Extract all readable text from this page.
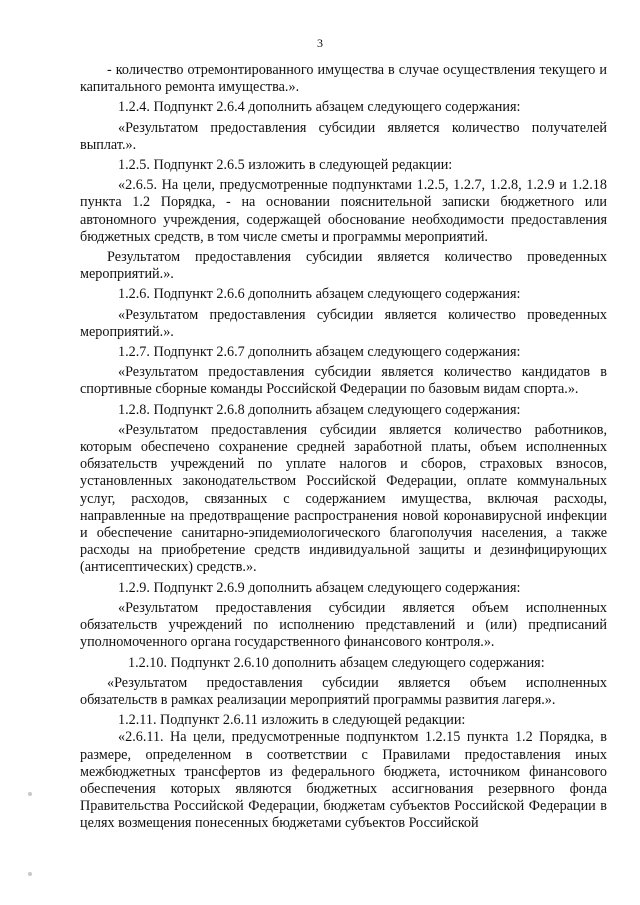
3

- количество отремонтированного имущества в случае осуществления текущего и капитального ремонта имущества.».

1.2.4. Подпункт 2.6.4 дополнить абзацем следующего содержания:

«Результатом предоставления субсидии является количество получателей выплат.».

1.2.5. Подпункт 2.6.5 изложить в следующей редакции:

«2.6.5. На цели, предусмотренные подпунктами 1.2.5, 1.2.7, 1.2.8, 1.2.9 и 1.2.18 пункта 1.2 Порядка, - на основании пояснительной записки бюджетного или автономного учреждения, содержащей обоснование необходимости предоставления бюджетных средств, в том числе сметы и программы мероприятий.

Результатом предоставления субсидии является количество проведенных мероприятий.».

1.2.6. Подпункт 2.6.6 дополнить абзацем следующего содержания:

«Результатом предоставления субсидии является количество проведенных мероприятий.».

1.2.7. Подпункт 2.6.7 дополнить абзацем следующего содержания:

«Результатом предоставления субсидии является количество кандидатов в спортивные сборные команды Российской Федерации по базовым видам спорта.».

1.2.8. Подпункт 2.6.8 дополнить абзацем следующего содержания:

«Результатом предоставления субсидии является количество работников, которым обеспечено сохранение средней заработной платы, объем исполненных обязательств учреждений по уплате налогов и сборов, страховых взносов, установленных законодательством Российской Федерации, оплате коммунальных услуг, расходов, связанных с содержанием имущества, включая расходы, направленные на предотвращение распространения новой коронавирусной инфекции и обеспечение санитарно-эпидемиологического благополучия населения, а также расходы на приобретение средств индивидуальной защиты и дезинфицирующих (антисептических) средств.».

1.2.9. Подпункт 2.6.9 дополнить абзацем следующего содержания:

«Результатом предоставления субсидии является объем исполненных обязательств учреждений по исполнению представлений и (или) предписаний уполномоченного органа государственного финансового контроля.».

1.2.10. Подпункт 2.6.10 дополнить абзацем следующего содержания:

«Результатом предоставления субсидии является объем исполненных обязательств в рамках реализации мероприятий программы развития лагеря.».

1.2.11. Подпункт 2.6.11 изложить в следующей редакции:

«2.6.11. На цели, предусмотренные подпунктом 1.2.15 пункта 1.2 Порядка, в размере, определенном в соответствии с Правилами предоставления иных межбюджетных трансфертов из федерального бюджета, источником финансового обеспечения которых являются бюджетных ассигнования резервного фонда Правительства Российской Федерации, бюджетам субъектов Российской Федерации в целях возмещения понесенных бюджетами субъектов Российской
